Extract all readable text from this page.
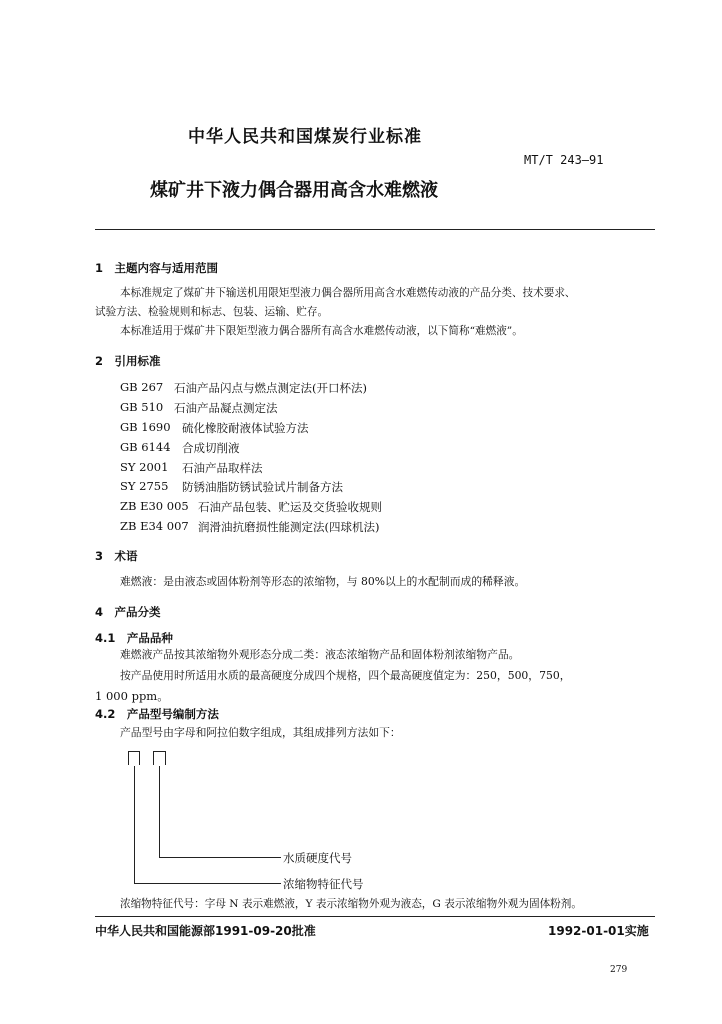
中华人民共和国煤炭行业标准
MT/T 243—91
煤矿井下液力偶合器用高含水难燃液
1　主题内容与适用范围
本标准规定了煤矿井下输送机用限矩型液力偶合器所用高含水难燃传动液的产品分类、技术要求、
试验方法、检验规则和标志、包装、运输、贮存。
本标准适用于煤矿井下限矩型液力偶合器所有高含水难燃传动液，以下简称“难燃液”。
2　引用标准
GB 267 石油产品闪点与燃点测定法(开口杯法)
GB 510 石油产品凝点测定法
GB 1690 硫化橡胶耐液体试验方法
GB 6144 合成切削液
SY 2001 石油产品取样法
SY 2755 防锈油脂防锈试验试片制备方法
ZB E30 005 石油产品包装、贮运及交货验收规则
ZB E34 007 润滑油抗磨损性能测定法(四球机法)
3　术语
难燃液：是由液态或固体粉剂等形态的浓缩物，与 80%以上的水配制而成的稀释液。
4　产品分类
4.1　产品品种
难燃液产品按其浓缩物外观形态分成二类：液态浓缩物产品和固体粉剂浓缩物产品。
按产品使用时所适用水质的最高硬度分成四个规格，四个最高硬度值定为：250，500，750，
1 000 ppm。
4.2　产品型号编制方法
产品型号由字母和阿拉伯数字组成，其组成排列方法如下：
水质硬度代号
浓缩物特征代号
浓缩物特征代号：字母 N 表示难燃液，Y 表示浓缩物外观为液态，G 表示浓缩物外观为固体粉剂。
中华人民共和国能源部1991-09-20批准	1992-01-01实施
279
